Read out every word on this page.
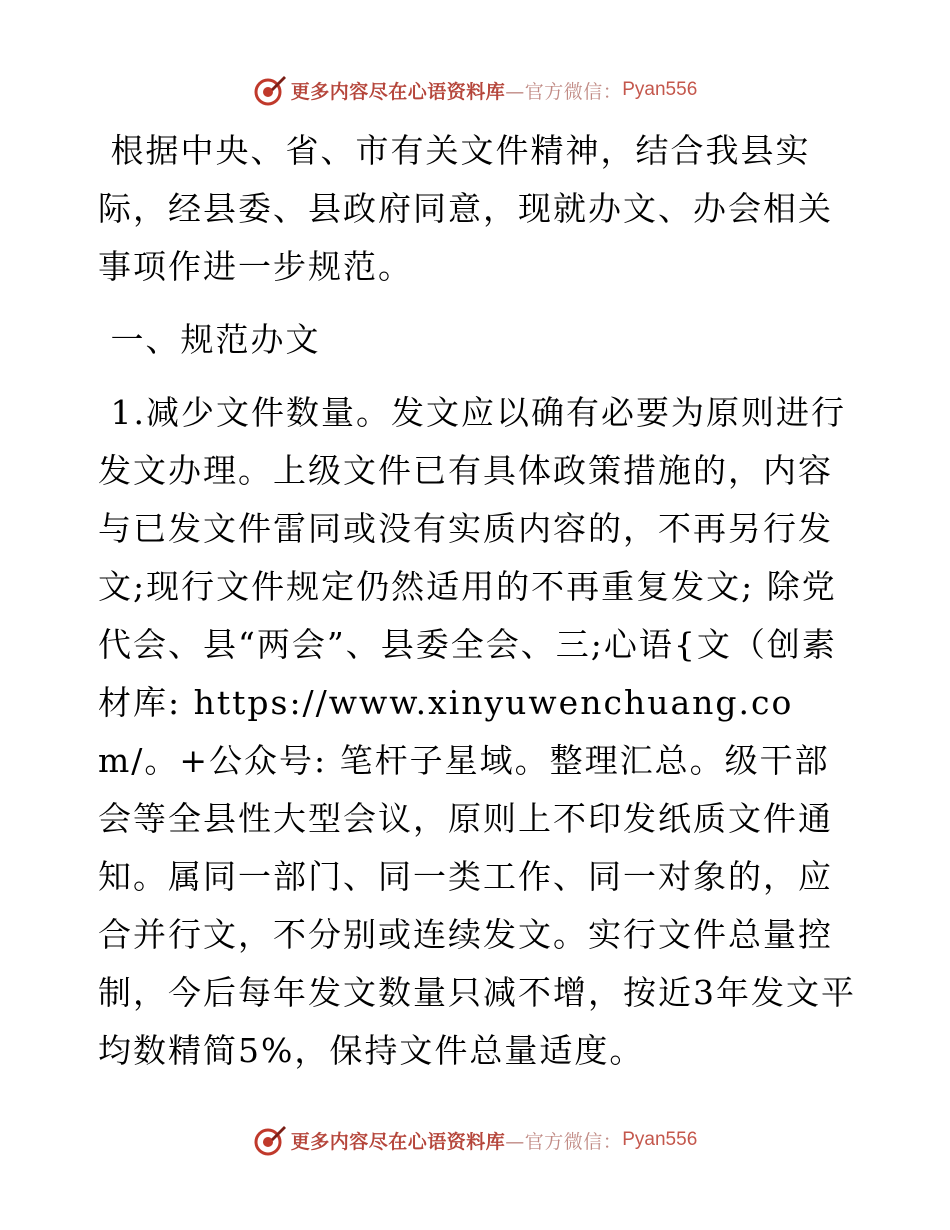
更多内容尽在心语资料库 —官方微信： Pyan556

根据中央、省、市有关文件精神，结合我县实际，经县委、县政府同意，现就办文、办会相关事项作进一步规范。

一、规范办文

1.减少文件数量。发文应以确有必要为原则进行发文办理。上级文件已有具体政策措施的，内容与已发文件雷同或没有实质内容的，不再另行发文;现行文件规定仍然适用的不再重复发文; 除党代会、县“两会”、县委全会、三;心语{文（创素材库: https://www.xinyuwenchuang.com/。+公众号: 笔杆子星域。整理汇总。级干部会等全县性大型会议，原则上不印发纸质文件通知。属同一部门、同一类工作、同一对象的，应合并行文，不分别或连续发文。实行文件总量控制，今后每年发文数量只减不增，按近3年发文平均数精简5%，保持文件总量适度。

更多内容尽在心语资料库 —官方微信： Pyan556
